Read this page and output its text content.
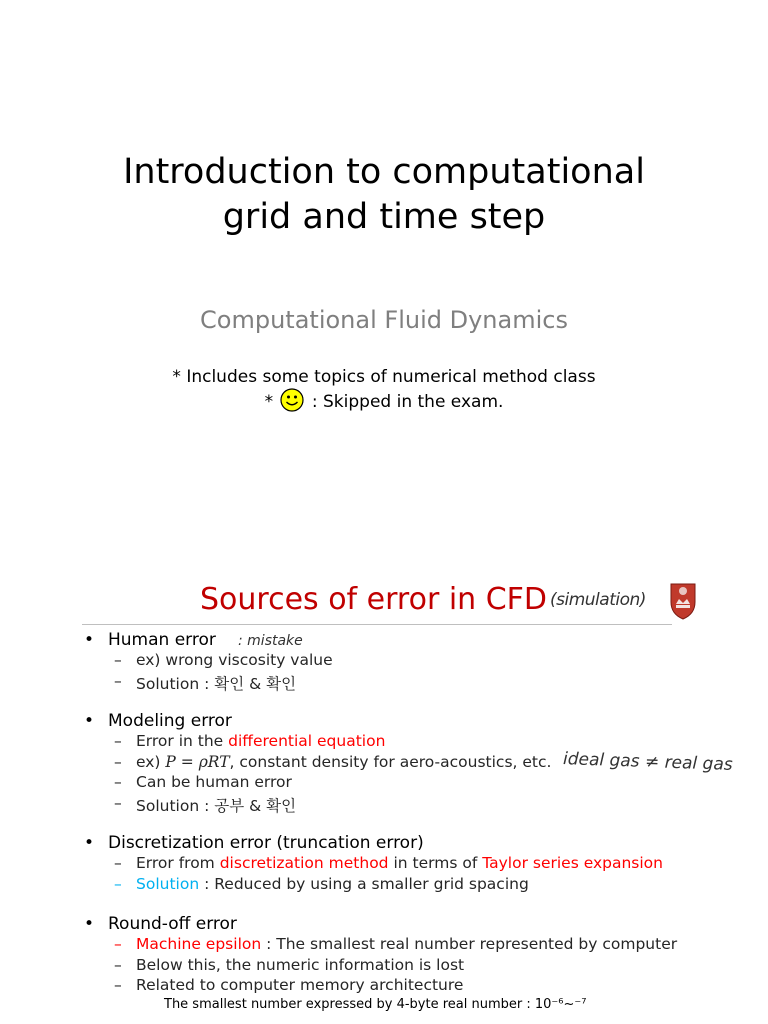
Introduction to computational
grid and time step
Computational Fluid Dynamics
* Includes some topics of numerical method class
* : Skipped in the exam.
Sources of error in CFD (simulation)
• Human error
– ex) wrong viscosity value
– Solution : 확인 & 확인
• Modeling error
– Error in the differential equation
– ex) P = ρRT, constant density for aero-acoustics, etc.
– Can be human error
– Solution : 공부 & 확인
• Discretization error (truncation error)
– Error from discretization method in terms of Taylor series expansion
– Solution : Reduced by using a smaller grid spacing
• Round-off error
– Machine epsilon : The smallest real number represented by computer
– Below this, the numeric information is lost
– Related to computer memory architecture
The smallest number expressed by 4-byte real number : 10⁻⁶~⁻⁷
: mistake
ideal gas ≠ real gas
